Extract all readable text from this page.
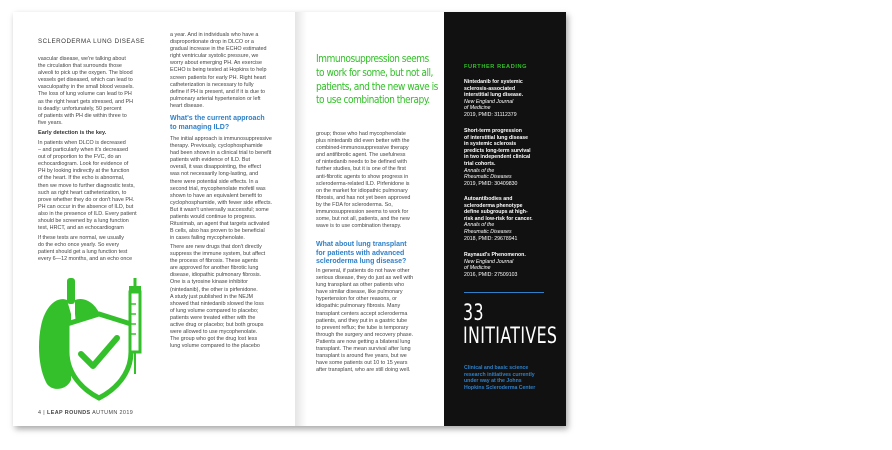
SCLERODERMA LUNG DISEASE

vascular disease, we're talking about
the circulation that surrounds those
alveoli to pick up the oxygen. The blood
vessels get diseased, which can lead to
vasculopathy in the small blood vessels.
The loss of lung volume can lead to PH
as the right heart gets stressed, and PH
is deadly: unfortunately, 50 percent
of patients with PH die within three to
five years.

Early detection is the key.

In patients when DLCO is decreased
– and particularly when it's decreased
out of proportion to the FVC, do an
echocardiogram. Look for evidence of
PH by looking indirectly at the function
of the heart. If the echo is abnormal,
then we move to further diagnostic tests,
such as right heart catheterization, to
prove whether they do or don't have PH.
PH can occur in the absence of ILD, but
also in the presence of ILD. Every patient
should be screened by a lung function
test, HRCT, and an echocardiogram

If these tests are normal, we usually
do the echo once yearly. So every
patient should get a lung function test
every 6—12 months, and an echo once

a year. And in individuals who have a
disproportionate drop in DLCO or a
gradual increase in the ECHO estimated
right ventricular systolic pressure, we
worry about emerging PH. An exercise
ECHO is being tested at Hopkins to help
screen patients for early PH. Right heart
catheterization is necessary to fully
define if PH is present, and if it is due to
pulmonary arterial hypertension or left
heart disease.

What's the current approach
to managing ILD?

The initial approach is immunosuppressive
therapy. Previously, cyclophosphamide
had been shown in a clinical trial to benefit
patients with evidence of ILD. But
overall, it was disappointing, the effect
was not necessarily long-lasting, and
there were potential side effects. In a
second trial, mycophenolate mofetil was
shown to have an equivalent benefit to
cyclophosphamide, with fewer side effects.
But it wasn't universally successful; some
patients would continue to progress.
Rituximab, an agent that targets activated
B cells, also has proven to be beneficial
in cases failing mycophenolate.

There are new drugs that don't directly
suppress the immune system, but affect
the process of fibrosis. These agents
are approved for another fibrotic lung
disease, idiopathic pulmonary fibrosis.
One is a tyrosine kinase inhibitor
(nintedanib), the other is pirfenidone.
A study just published in the NEJM
showed that nintedanib slowed the loss
of lung volume compared to placebo;
patients were treated either with the
active drug or placebo; but both groups
were allowed to use mycophenolate.
The group who got the drug lost less
lung volume compared to the placebo

Immunosuppression seems
to work for some, but not all,
patients, and the new wave is
to use combination therapy.

group; those who had mycophenolate
plus nintedanib did even better with the
combined-immunosuppressive therapy
and antifibrotic agent. The usefulness
of nintedanib needs to be defined with
further studies, but it is one of the first
anti-fibrotic agents to show progress in
scleroderma-related ILD. Pirfenidone is
on the market for idiopathic pulmonary
fibrosis, and has not yet been approved
by the FDA for scleroderma. So,
immunosuppression seems to work for
some, but not all, patients, and the new
wave is to use combination therapy.

What about lung transplant
for patients with advanced
scleroderma lung disease?

In general, if patients do not have other
serious disease, they do just as well with
lung transplant as other patients who
have similar disease, like pulmonary
hypertension for other reasons, or
idiopathic pulmonary fibrosis. Many
transplant centers accept scleroderma
patients, and they put in a gastric tube
to prevent reflux; the tube is temporary
through the surgery and recovery phase.
Patients are now getting a bilateral lung
transplant. The mean survival after lung
transplant is around five years, but we
have some patients out 10 to 15 years
after transplant, who are still doing well.

4 | LEAP ROUNDS AUTUMN 2019
FURTHER READING

Nintedanib for systemic
sclerosis-associated
interstitial lung disease.
New England Journal
of Medicine
2019, PMID: 31112379

Short-term progression
of interstitial lung disease
in systemic sclerosis
predicts long-term survival
in two independent clinical
trial cohorts.
Annals of the
Rheumatic Diseases
2019, PMID: 30409830

Autoantibodies and
scleroderma phenotype
define subgroups at high-
risk and low-risk for cancer.
Annals of the
Rheumatic Diseases
2018, PMID: 29678941

Raynaud's Phenomenon.
New England Journal
of Medicine
2016, PMID: 27509103

33
INITIATIVES

Clinical and basic science
research initiatives currently
under way at the Johns
Hopkins Scleroderma Center
